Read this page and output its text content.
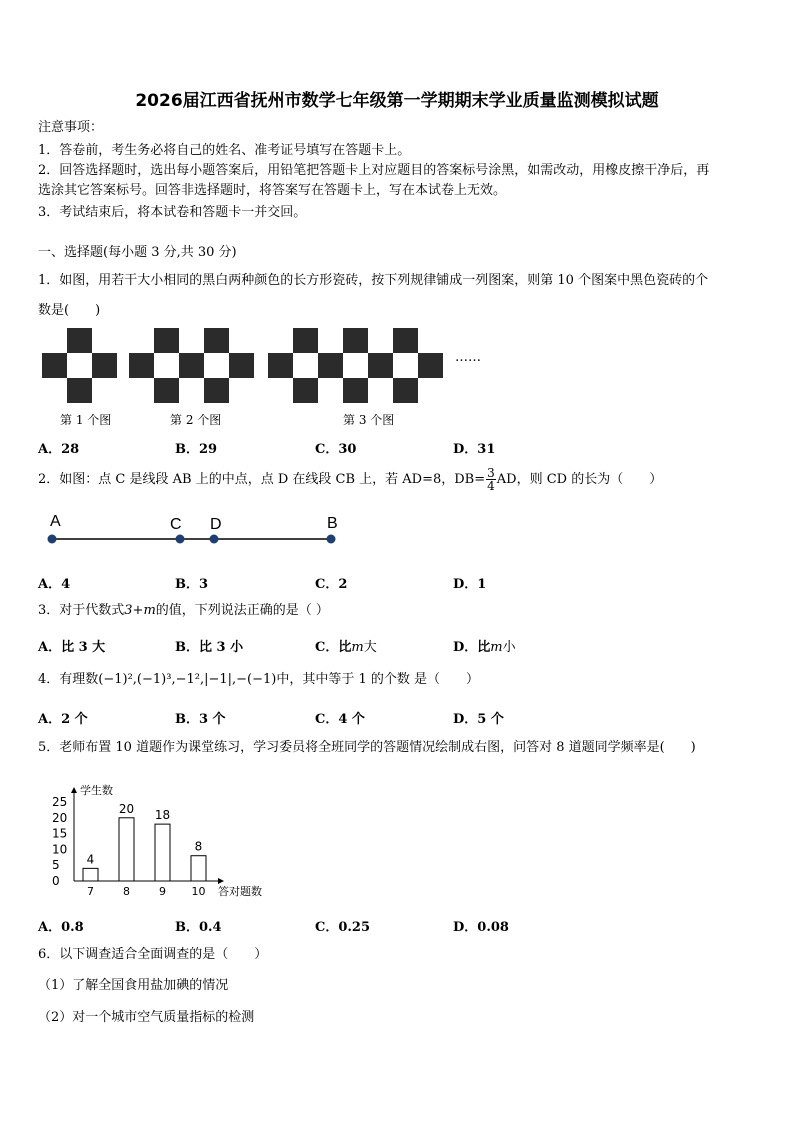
2026届江西省抚州市数学七年级第一学期期末学业质量监测模拟试题
注意事项：
1．答卷前，考生务必将自己的姓名、准考证号填写在答题卡上。
2．回答选择题时，选出每小题答案后，用铅笔把答题卡上对应题目的答案标号涂黑，如需改动，用橡皮擦干净后，再
选涂其它答案标号。回答非选择题时，将答案写在答题卡上，写在本试卷上无效。
3．考试结束后，将本试卷和答题卡一并交回。
一、选择题(每小题 3 分,共 30 分)
1．如图，用若干大小相同的黑白两种颜色的长方形瓷砖，按下列规律铺成一列图案，则第 10 个图案中黑色瓷砖的个
数是(　　)
……
第 1 个图	第 2 个图	第 3 个图
A．28	B．29	C．30	D．31
2．如图：点 C 是线段 AB 上的中点，点 D 在线段 CB 上，若 AD=8，$DB= \frac{3}{4}$ AD，则 CD 的长为（　　）
A	C D	B
A．4	B．3	C．2	D．1
3．对于代数式3+m的值，下列说法正确的是（ ）
A．比 3 大	B．比 3 小	C．比m大	D．比m小
4．有理数(−1)²,(−1)³,−1²,|−1|,−(−1)中，其中等于 1 的个数 是（　　）
A．2 个	B．3 个	C．4 个	D．5 个
5．老师布置 10 道题作为课堂练习，学习委员将全班同学的答题情况绘制成右图，问答对 8 道题同学频率是(　　)
0
5
10
15
20
25
4
7
20
8
18
9
8
10
学生数
答对题数
A．0.8	B．0.4	C．0.25	D．0.08
6．以下调查适合全面调查的是（　　）
（1）了解全国食用盐加碘的情况
（2）对一个城市空气质量指标的检测
